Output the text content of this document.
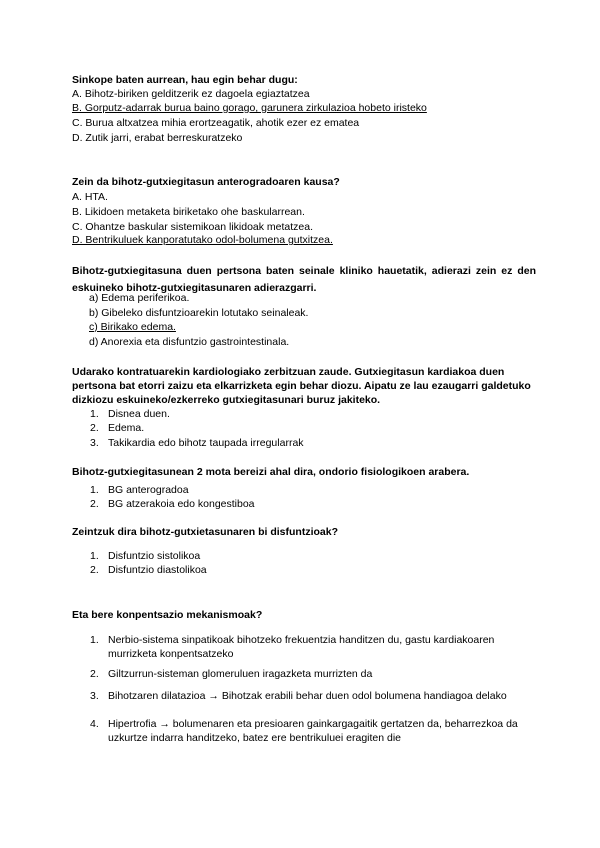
Sinkope baten aurrean, hau egin behar dugu:
A. Bihotz-biriken gelditzerik ez dagoela egiaztatzea
B. Gorputz-adarrak burua baino gorago, garunera zirkulazioa hobeto iristeko
C. Burua altxatzea mihia erortzeagatik, ahotik ezer ez ematea
D. Zutik jarri, erabat berreskuratzeko
Zein da bihotz-gutxiegitasun anterogradoaren kausa?
A. HTA.
B. Likidoen metaketa biriketako ohe baskularrean.
C. Ohantze baskular sistemikoan likidoak metatzea.
D. Bentrikuluek kanporatutako odol-bolumena gutxitzea.
Bihotz-gutxiegitasuna duen pertsona baten seinale kliniko hauetatik, adierazi zein ez den eskuineko bihotz-gutxiegitasunaren adierazgarri.
a) Edema periferikoa.
b) Gibeleko disfuntzioarekin lotutako seinaleak.
c) Birikako edema.
d) Anorexia eta disfuntzio gastrointestinala.
Udarako kontratuarekin kardiologiako zerbitzuan zaude. Gutxiegitasun kardiakoa duen pertsona bat etorri zaizu eta elkarrizketa egin behar diozu. Aipatu ze lau ezaugarri galdetuko dizkiozu eskuineko/ezkerreko gutxiegitasunari buruz jakiteko.
1. Disnea duen.
2. Edema.
3. Takikardia edo bihotz taupada irregularrak
Bihotz-gutxiegitasunean 2 mota bereizi ahal dira, ondorio fisiologikoen arabera.
1. BG anterogradoa
2. BG atzerakoia edo kongestiboa
Zeintzuk dira bihotz-gutxietasunaren bi disfuntzioak?
1. Disfuntzio sistolikoa
2. Disfuntzio diastolikoa
Eta bere konpentsazio mekanismoak?
1. Nerbio-sistema sinpatikoak bihotzeko frekuentzia handitzen du, gastu kardiakoaren murrizketa konpentsatzeko
2. Giltzurrun-sisteman glomeruluen iragazketa murrizten da
3. Bihotzaren dilatazioa → Bihotzak erabili behar duen odol bolumena handiagoa delako
4. Hipertrofia → bolumenaren eta presioaren gainkargagaitik gertatzen da, beharrezkoa da uzkurtze indarra handitzeko, batez ere bentrikuluei eragiten die
